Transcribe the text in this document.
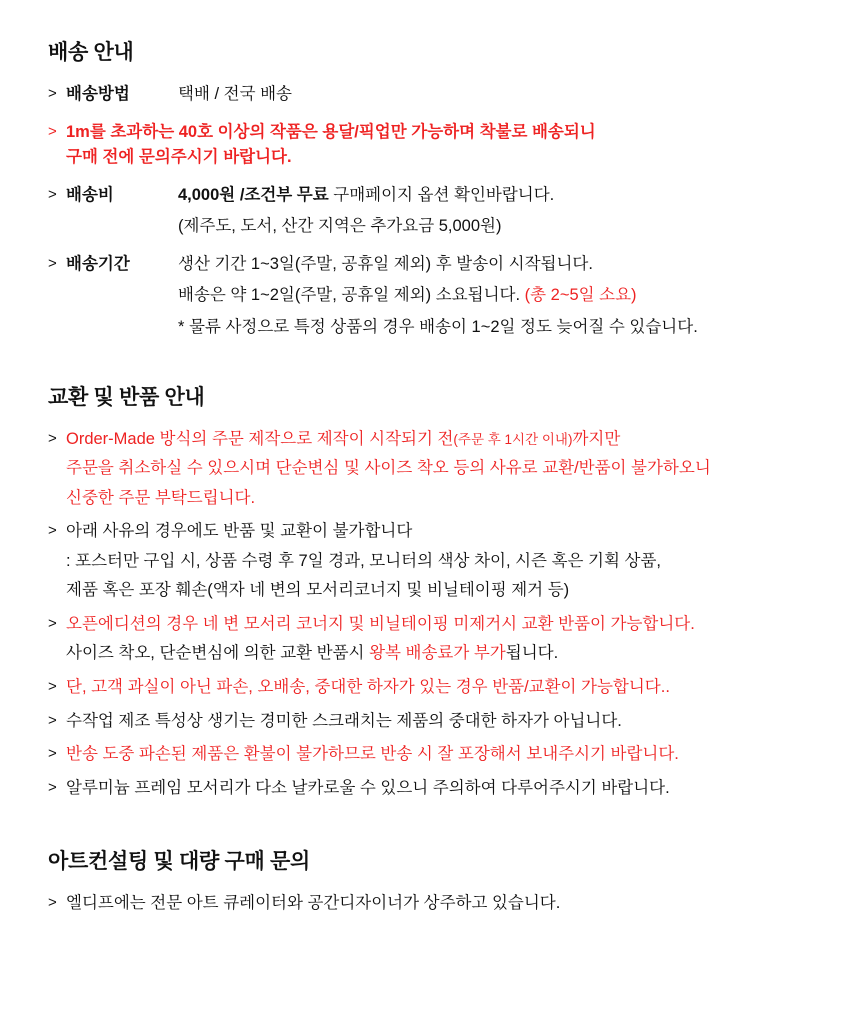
배송 안내
> 배송방법	택배 / 전국 배송
> 1m를 초과하는 40호 이상의 작품은 용달/픽업만 가능하며 착불로 배송되니
구매 전에 문의주시기 바랍니다.
> 배송비	4,000원 /조건부 무료 구매페이지 옵션 확인바랍니다.
(제주도, 도서, 산간 지역은 추가요금 5,000원)
> 배송기간	생산 기간 1~3일(주말, 공휴일 제외) 후 발송이 시작됩니다.
배송은 약 1~2일(주말, 공휴일 제외) 소요됩니다. (총 2~5일 소요)
* 물류 사정으로 특정 상품의 경우 배송이 1~2일 정도 늦어질 수 있습니다.
교환 및 반품 안내
> Order-Made 방식의 주문 제작으로 제작이 시작되기 전(주문 후 1시간 이내)까지만
주문을 취소하실 수 있으시며 단순변심 및 사이즈 착오 등의 사유로 교환/반품이 불가하오니
신중한 주문 부탁드립니다.
> 아래 사유의 경우에도 반품 및 교환이 불가합니다
: 포스터만 구입 시, 상품 수령 후 7일 경과, 모니터의 색상 차이, 시즌 혹은 기획 상품,
제품 혹은 포장 훼손(액자 네 변의 모서리코너지 및 비닐테이핑 제거 등)
> 오픈에디션의 경우 네 변 모서리 코너지 및 비닐테이핑 미제거시 교환 반품이 가능합니다.
사이즈 착오, 단순변심에 의한 교환 반품시 왕복 배송료가 부가됩니다.
> 단, 고객 과실이 아닌 파손, 오배송, 중대한 하자가 있는 경우 반품/교환이 가능합니다..
> 수작업 제조 특성상 생기는 경미한 스크래치는 제품의 중대한 하자가 아닙니다.
> 반송 도중 파손된 제품은 환불이 불가하므로 반송 시 잘 포장해서 보내주시기 바랍니다.
> 알루미늄 프레임 모서리가 다소 날카로울 수 있으니 주의하여 다루어주시기 바랍니다.
아트컨설팅 및 대량 구매 문의
> 엘디프에는 전문 아트 큐레이터와 공간디자이너가 상주하고 있습니다.
